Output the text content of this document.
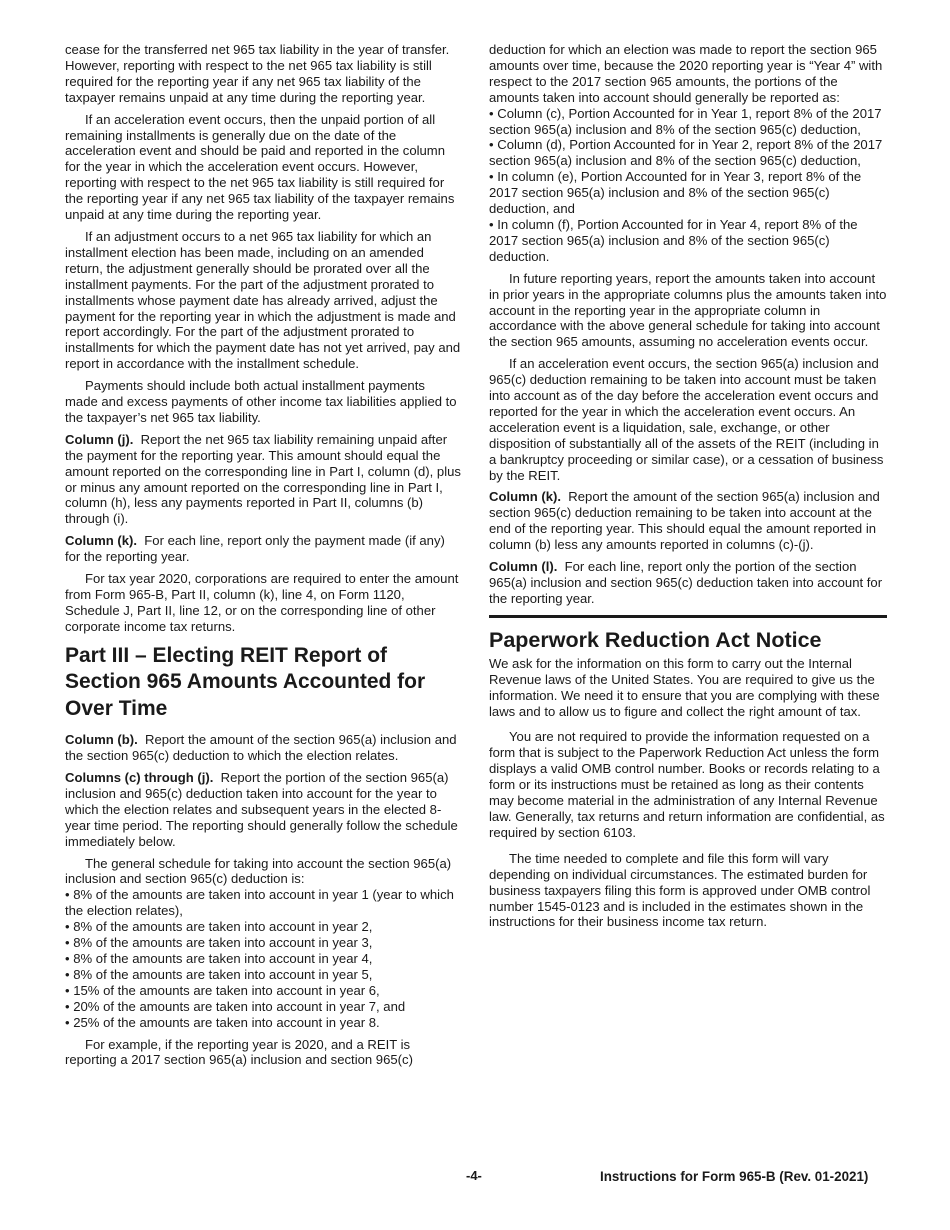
cease for the transferred net 965 tax liability in the year of transfer. However, reporting with respect to the net 965 tax liability is still required for the reporting year if any net 965 tax liability of the taxpayer remains unpaid at any time during the reporting year.

If an acceleration event occurs, then the unpaid portion of all remaining installments is generally due on the date of the acceleration event and should be paid and reported in the column for the year in which the acceleration event occurs. However, reporting with respect to the net 965 tax liability is still required for the reporting year if any net 965 tax liability of the taxpayer remains unpaid at any time during the reporting year.

If an adjustment occurs to a net 965 tax liability for which an installment election has been made, including on an amended return, the adjustment generally should be prorated over all the installment payments. For the part of the adjustment prorated to installments whose payment date has already arrived, adjust the payment for the reporting year in which the adjustment is made and report accordingly. For the part of the adjustment prorated to installments for which the payment date has not yet arrived, pay and report in accordance with the installment schedule.

Payments should include both actual installment payments made and excess payments of other income tax liabilities applied to the taxpayer’s net 965 tax liability.

Column (j). Report the net 965 tax liability remaining unpaid after the payment for the reporting year. This amount should equal the amount reported on the corresponding line in Part I, column (d), plus or minus any amount reported on the corresponding line in Part I, column (h), less any payments reported in Part II, columns (b) through (i).

Column (k). For each line, report only the payment made (if any) for the reporting year.

For tax year 2020, corporations are required to enter the amount from Form 965-B, Part II, column (k), line 4, on Form 1120, Schedule J, Part II, line 12, or on the corresponding line of other corporate income tax returns.

Part III – Electing REIT Report of Section 965 Amounts Accounted for Over Time

Column (b). Report the amount of the section 965(a) inclusion and the section 965(c) deduction to which the election relates.

Columns (c) through (j). Report the portion of the section 965(a) inclusion and 965(c) deduction taken into account for the year to which the election relates and subsequent years in the elected 8-year time period. The reporting should generally follow the schedule immediately below.

The general schedule for taking into account the section 965(a) inclusion and section 965(c) deduction is:

• 8% of the amounts are taken into account in year 1 (year to which the election relates),

• 8% of the amounts are taken into account in year 2,

• 8% of the amounts are taken into account in year 3,

• 8% of the amounts are taken into account in year 4,

• 8% of the amounts are taken into account in year 5,

• 15% of the amounts are taken into account in year 6,

• 20% of the amounts are taken into account in year 7, and

• 25% of the amounts are taken into account in year 8.

For example, if the reporting year is 2020, and a REIT is reporting a 2017 section 965(a) inclusion and section 965(c)

deduction for which an election was made to report the section 965 amounts over time, because the 2020 reporting year is “Year 4” with respect to the 2017 section 965 amounts, the portions of the amounts taken into account should generally be reported as:

• Column (c), Portion Accounted for in Year 1, report 8% of the 2017 section 965(a) inclusion and 8% of the section 965(c) deduction,

• Column (d), Portion Accounted for in Year 2, report 8% of the 2017 section 965(a) inclusion and 8% of the section 965(c) deduction,

• In column (e), Portion Accounted for in Year 3, report 8% of the 2017 section 965(a) inclusion and 8% of the section 965(c) deduction, and

• In column (f), Portion Accounted for in Year 4, report 8% of the 2017 section 965(a) inclusion and 8% of the section 965(c) deduction.

In future reporting years, report the amounts taken into account in prior years in the appropriate columns plus the amounts taken into account in the reporting year in the appropriate column in accordance with the above general schedule for taking into account the section 965 amounts, assuming no acceleration events occur.

If an acceleration event occurs, the section 965(a) inclusion and 965(c) deduction remaining to be taken into account must be taken into account as of the day before the acceleration event occurs and reported for the year in which the acceleration event occurs. An acceleration event is a liquidation, sale, exchange, or other disposition of substantially all of the assets of the REIT (including in a bankruptcy proceeding or similar case), or a cessation of business by the REIT.

Column (k). Report the amount of the section 965(a) inclusion and section 965(c) deduction remaining to be taken into account at the end of the reporting year. This should equal the amount reported in column (b) less any amounts reported in columns (c)-(j).

Column (l). For each line, report only the portion of the section 965(a) inclusion and section 965(c) deduction taken into account for the reporting year.

Paperwork Reduction Act Notice

We ask for the information on this form to carry out the Internal Revenue laws of the United States. You are required to give us the information. We need it to ensure that you are complying with these laws and to allow us to figure and collect the right amount of tax.

You are not required to provide the information requested on a form that is subject to the Paperwork Reduction Act unless the form displays a valid OMB control number. Books or records relating to a form or its instructions must be retained as long as their contents may become material in the administration of any Internal Revenue law. Generally, tax returns and return information are confidential, as required by section 6103.

The time needed to complete and file this form will vary depending on individual circumstances. The estimated burden for business taxpayers filing this form is approved under OMB control number 1545-0123 and is included in the estimates shown in the instructions for their business income tax return.

-4-	Instructions for Form 965-B (Rev. 01-2021)
